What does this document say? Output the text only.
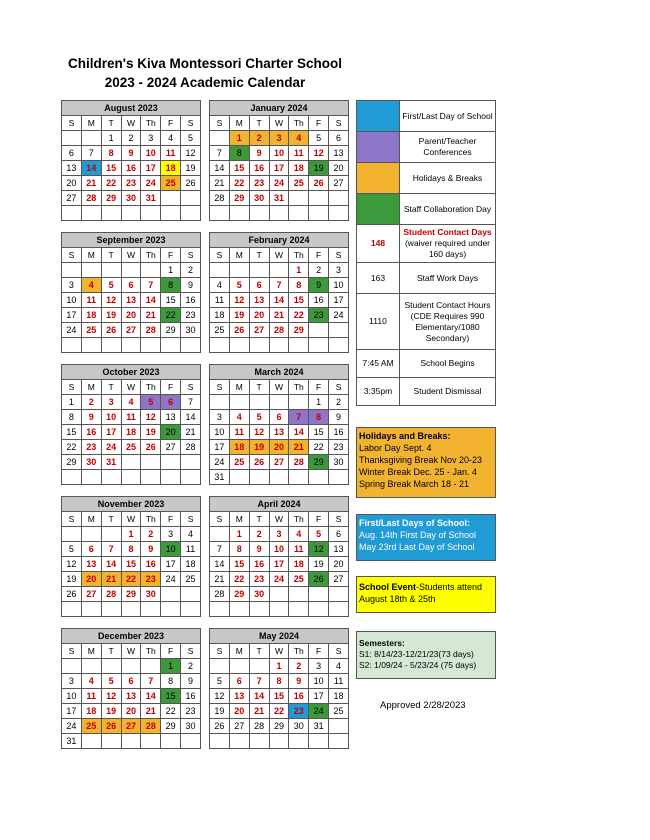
Children's Kiva Montessori Charter School
2023 - 2024 Academic Calendar
August 2023						
S	M	T	W	Th	F	S
		1	2	3	4	5
6	7	8	9	10	11	12
13	14	15	16	17	18	19
20	21	22	23	24	25	26
27	28	29	30	31		

January 2024						
S	M	T	W	Th	F	S
	1	2	3	4	5	6
7	8	9	10	11	12	13
14	15	16	17	18	19	20
21	22	23	24	25	26	27
28	29	30	31			

September 2023						
S	M	T	W	Th	F	S
					1	2
3	4	5	6	7	8	9
10	11	12	13	14	15	16
17	18	19	20	21	22	23
24	25	26	27	28	29	30

February 2024						
S	M	T	W	Th	F	S
				1	2	3
4	5	6	7	8	9	10
11	12	13	14	15	16	17
18	19	20	21	22	23	24
25	26	27	28	29		

October 2023						
S	M	T	W	Th	F	S
1	2	3	4	5	6	7
8	9	10	11	12	13	14
15	16	17	18	19	20	21
22	23	24	25	26	27	28
29	30	31				

March 2024						
S	M	T	W	Th	F	S
					1	2
3	4	5	6	7	8	9
10	11	12	13	14	15	16
17	18	19	20	21	22	23
24	25	26	27	28	29	30
31						
November 2023						
S	M	T	W	Th	F	S
			1	2	3	4
5	6	7	8	9	10	11
12	13	14	15	16	17	18
19	20	21	22	23	24	25
26	27	28	29	30		

April 2024						
S	M	T	W	Th	F	S
	1	2	3	4	5	6
7	8	9	10	11	12	13
14	15	16	17	18	19	20
21	22	23	24	25	26	27
28	29	30				

December 2023						
S	M	T	W	Th	F	S
					1	2
3	4	5	6	7	8	9
10	11	12	13	14	15	16
17	18	19	20	21	22	23
24	25	26	27	28	29	30
31						
May 2024						
S	M	T	W	Th	F	S
			1	2	3	4
5	6	7	8	9	10	11
12	13	14	15	16	17	18
19	20	21	22	23	24	25
26	27	28	29	30	31	

	First/Last Day of School
	Parent/Teacher Conferences
	Holidays & Breaks
	Staff Collaboration Day
148	Student Contact Days
(waiver required under 160 days)

163	Staff Work Days
1110	Student Contact Hours (CDE Requires 990 Elementary/1080 Secondary)
7:45 AM	School Begins
3:35pm	Student Dismissal
Holidays and Breaks:
Labor Day Sept. 4
Thanksgiving Break Nov 20-23
Winter Break Dec. 25 - Jan. 4
Spring Break March 18 - 21
First/Last Days of School:
Aug. 14th First Day of School
May 23rd Last Day of School
School Event-Students attend
August 18th & 25th
Semesters:
S1: 8/14/23-12/21/23(73 days)
S2: 1/09/24 - 5/23/24 (75 days)
Approved 2/28/2023
